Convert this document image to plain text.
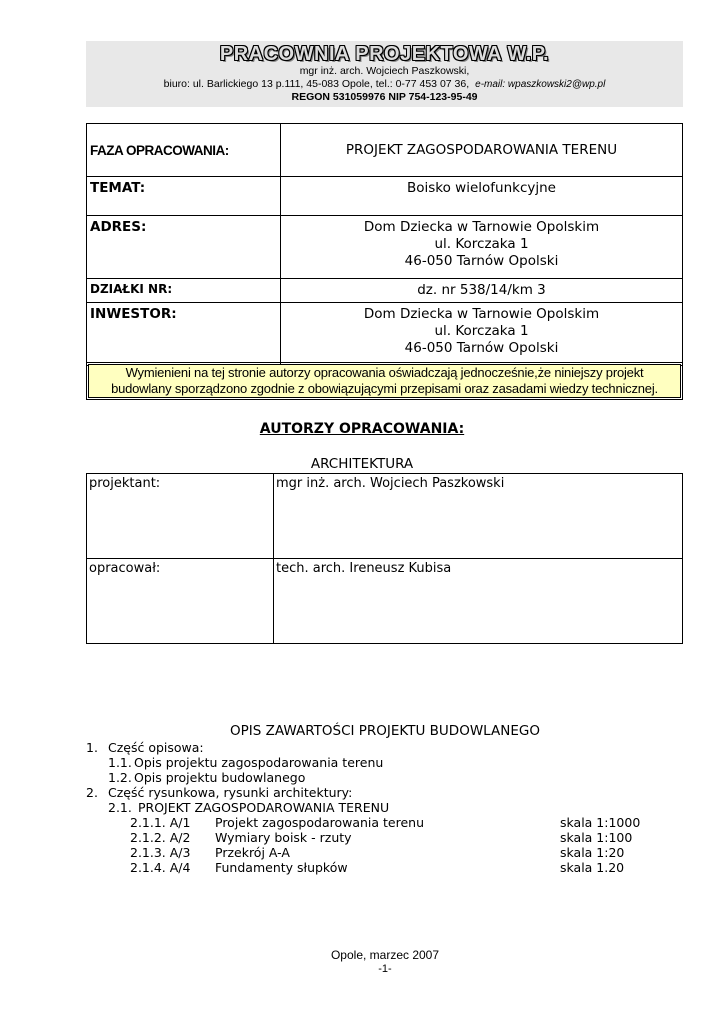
PRACOWNIA PROJEKTOWA W.P.
mgr inż. arch. Wojciech Paszkowski,
biuro: ul. Barlickiego 13 p.111, 45-083 Opole, tel.: 0-77 453 07 36, e-mail: wpaszkowski2@wp.pl
REGON 531059976 NIP 754-123-95-49
FAZA OPRACOWANIA:	PROJEKT ZAGOSPODAROWANIA TERENU
TEMAT:	Boisko wielofunkcyjne
ADRES:	Dom Dziecka w Tarnowie Opolskim
ul. Korczaka 1
46-050 Tarnów Opolski

DZIAŁKI NR:	dz. nr 538/14/km 3
INWESTOR:	Dom Dziecka w Tarnowie Opolskim
ul. Korczaka 1
46-050 Tarnów Opolski
Wymienieni na tej stronie autorzy opracowania oświadczają jednocześnie,że niniejszy projekt
budowlany sporządzono zgodnie z obowiązującymi przepisami oraz zasadami wiedzy technicznej.
AUTORZY OPRACOWANIA:
ARCHITEKTURA
projektant:	mgr inż. arch. Wojciech Paszkowski
opracował:	tech. arch. Ireneusz Kubisa
OPIS ZAWARTOŚCI PROJEKTU BUDOWLANEGO
1. Część opisowa:
1.1. Opis projektu zagospodarowania terenu
1.2. Opis projektu budowlanego
2. Część rysunkowa, rysunki architektury:
2.1. PROJEKT ZAGOSPODAROWANIA TERENU
2.1.1. A/1 Projekt zagospodarowania terenu	skala 1:1000
2.1.2. A/2 Wymiary boisk - rzuty	skala 1:100
2.1.3. A/3 Przekrój A-A	skala 1:20
2.1.4. A/4 Fundamenty słupków	skala 1.20
Opole, marzec 2007
-1-
